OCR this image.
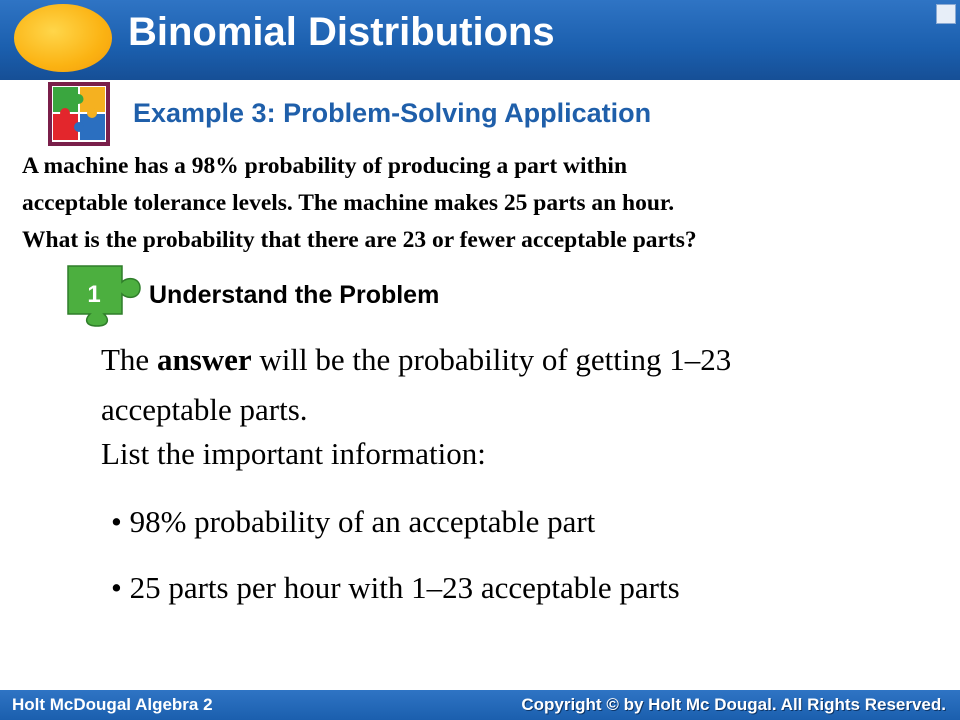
Binomial Distributions
Example 3: Problem-Solving Application
A machine has a 98% probability of producing a part within
acceptable tolerance levels. The machine makes 25 parts an hour.
What is the probability that there are 23 or fewer acceptable parts?
1 Understand the Problem
The answer will be the probability of getting 1–23
acceptable parts.
List the important information:
• 98% probability of an acceptable part
• 25 parts per hour with 1–23 acceptable parts
Holt McDougal Algebra 2	Copyright © by Holt Mc Dougal. All Rights Reserved.
